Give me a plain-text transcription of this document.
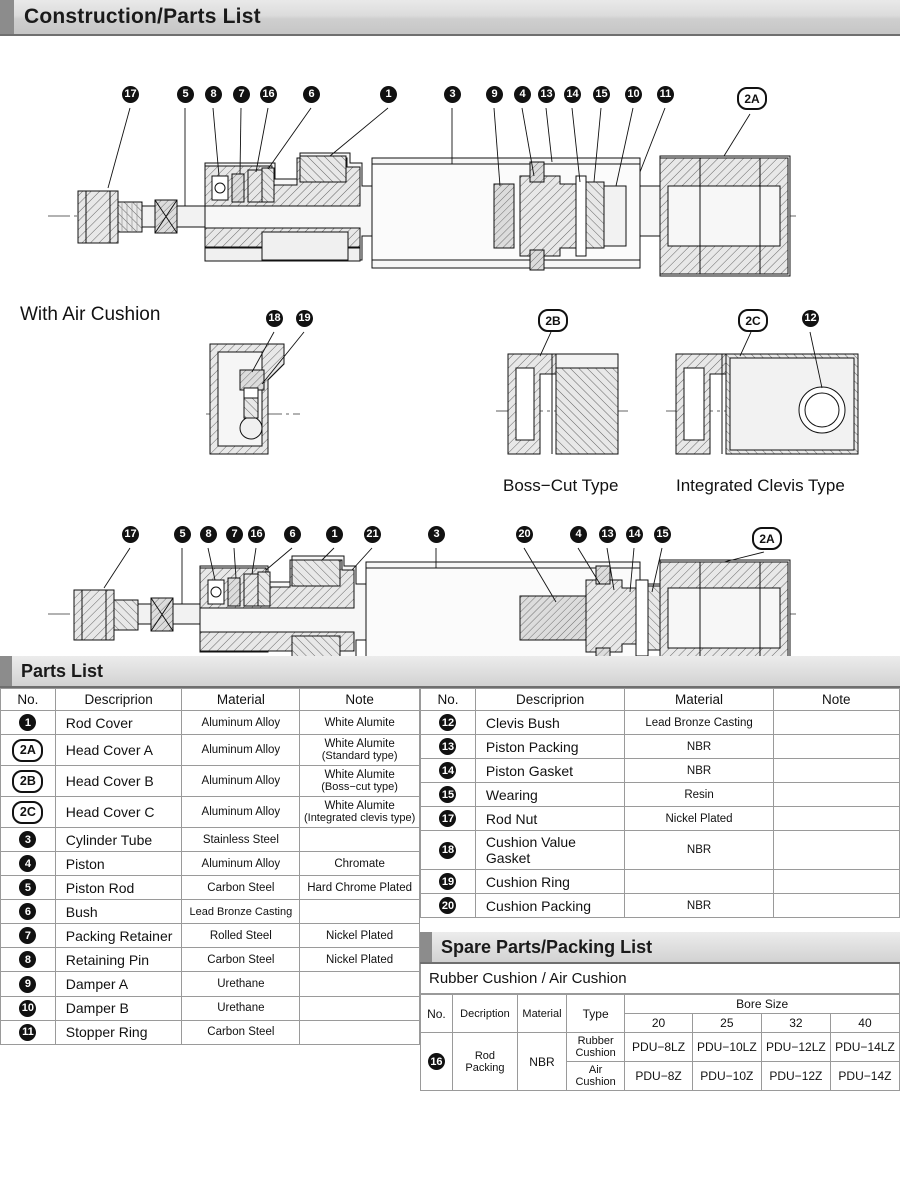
Construction/Parts List
With Air Cushion
Boss−Cut Type	Integrated Clevis Type
17	5	8	7	16	6	1	3	9	4	13 14 15 10 11	2A
18 19	2B	2C	12
17	5	8	7	16	6	1	21	3	20	4	13 14 15	2A
Parts List
No.	Descriprion	Material	Note
1	Rod Cover	Aluminum Alloy	White Alumite
2A	Head Cover A	Aluminum Alloy	White Alumite
(Standard type)

2B	Head Cover B	Aluminum Alloy	White Alumite
(Boss−cut type)

2C	Head Cover C	Aluminum Alloy	White Alumite
(Integrated clevis type)

3	Cylinder Tube	Stainless Steel	
4	Piston	Aluminum Alloy	Chromate
5	Piston Rod	Carbon Steel	Hard Chrome Plated
6	Bush	Lead Bronze Casting	
7	Packing Retainer	Rolled Steel	Nickel Plated
8	Retaining Pin	Carbon Steel	Nickel Plated
9	Damper A	Urethane	
10	Damper B	Urethane	
11	Stopper Ring	Carbon Steel	
No.	Descriprion	Material	Note
12	Clevis Bush	Lead Bronze Casting	
13	Piston Packing	NBR	
14	Piston Gasket	NBR	
15	Wearing	Resin	
17	Rod Nut	Nickel Plated	
18	Cushion Value Gasket	NBR	
19	Cushion Ring		
20	Cushion Packing	NBR	
Spare Parts/Packing List
Rubber Cushion / Air Cushion
No.	Decription	Material	Type	Bore Size			
				20	25	32	40
16	Rod Packing	NBR	Rubber Cushion	PDU−8LZ	PDU−10LZ	PDU−12LZ	PDU−14LZ
			Air Cushion	PDU−8Z	PDU−10Z	PDU−12Z	PDU−14Z
